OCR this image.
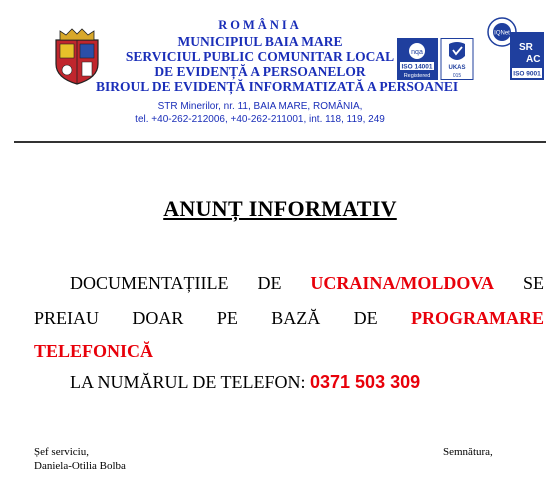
ROMÂNIA
MUNICIPIUL BAIA MARE
SERVICIUL PUBLIC COMUNITAR LOCAL
DE EVIDENȚĂ A PERSOANELOR
BIROUL DE EVIDENȚĂ INFORMATIZATĂ A PERSOANEI
STR Minerilor, nr. 11, BAIA MARE, ROMÂNIA,
tel. +40-262-212006, +40-262-211001, int. 118, 119, 249
nqa
ISO 14001
Registered
UKAS
015
IQNet
SR
AC
ISO 9001
ANUNȚ INFORMATIV
DOCUMENTAȚIILE DE UCRAINA/MOLDOVA SE
PREIAU DOAR PE BAZĂ DE PROGRAMARE
TELEFONICĂ
LA NUMĂRUL DE TELEFON: 0371 503 309
Șef serviciu,
Daniela-Otilia Bolba
Semnătura,
